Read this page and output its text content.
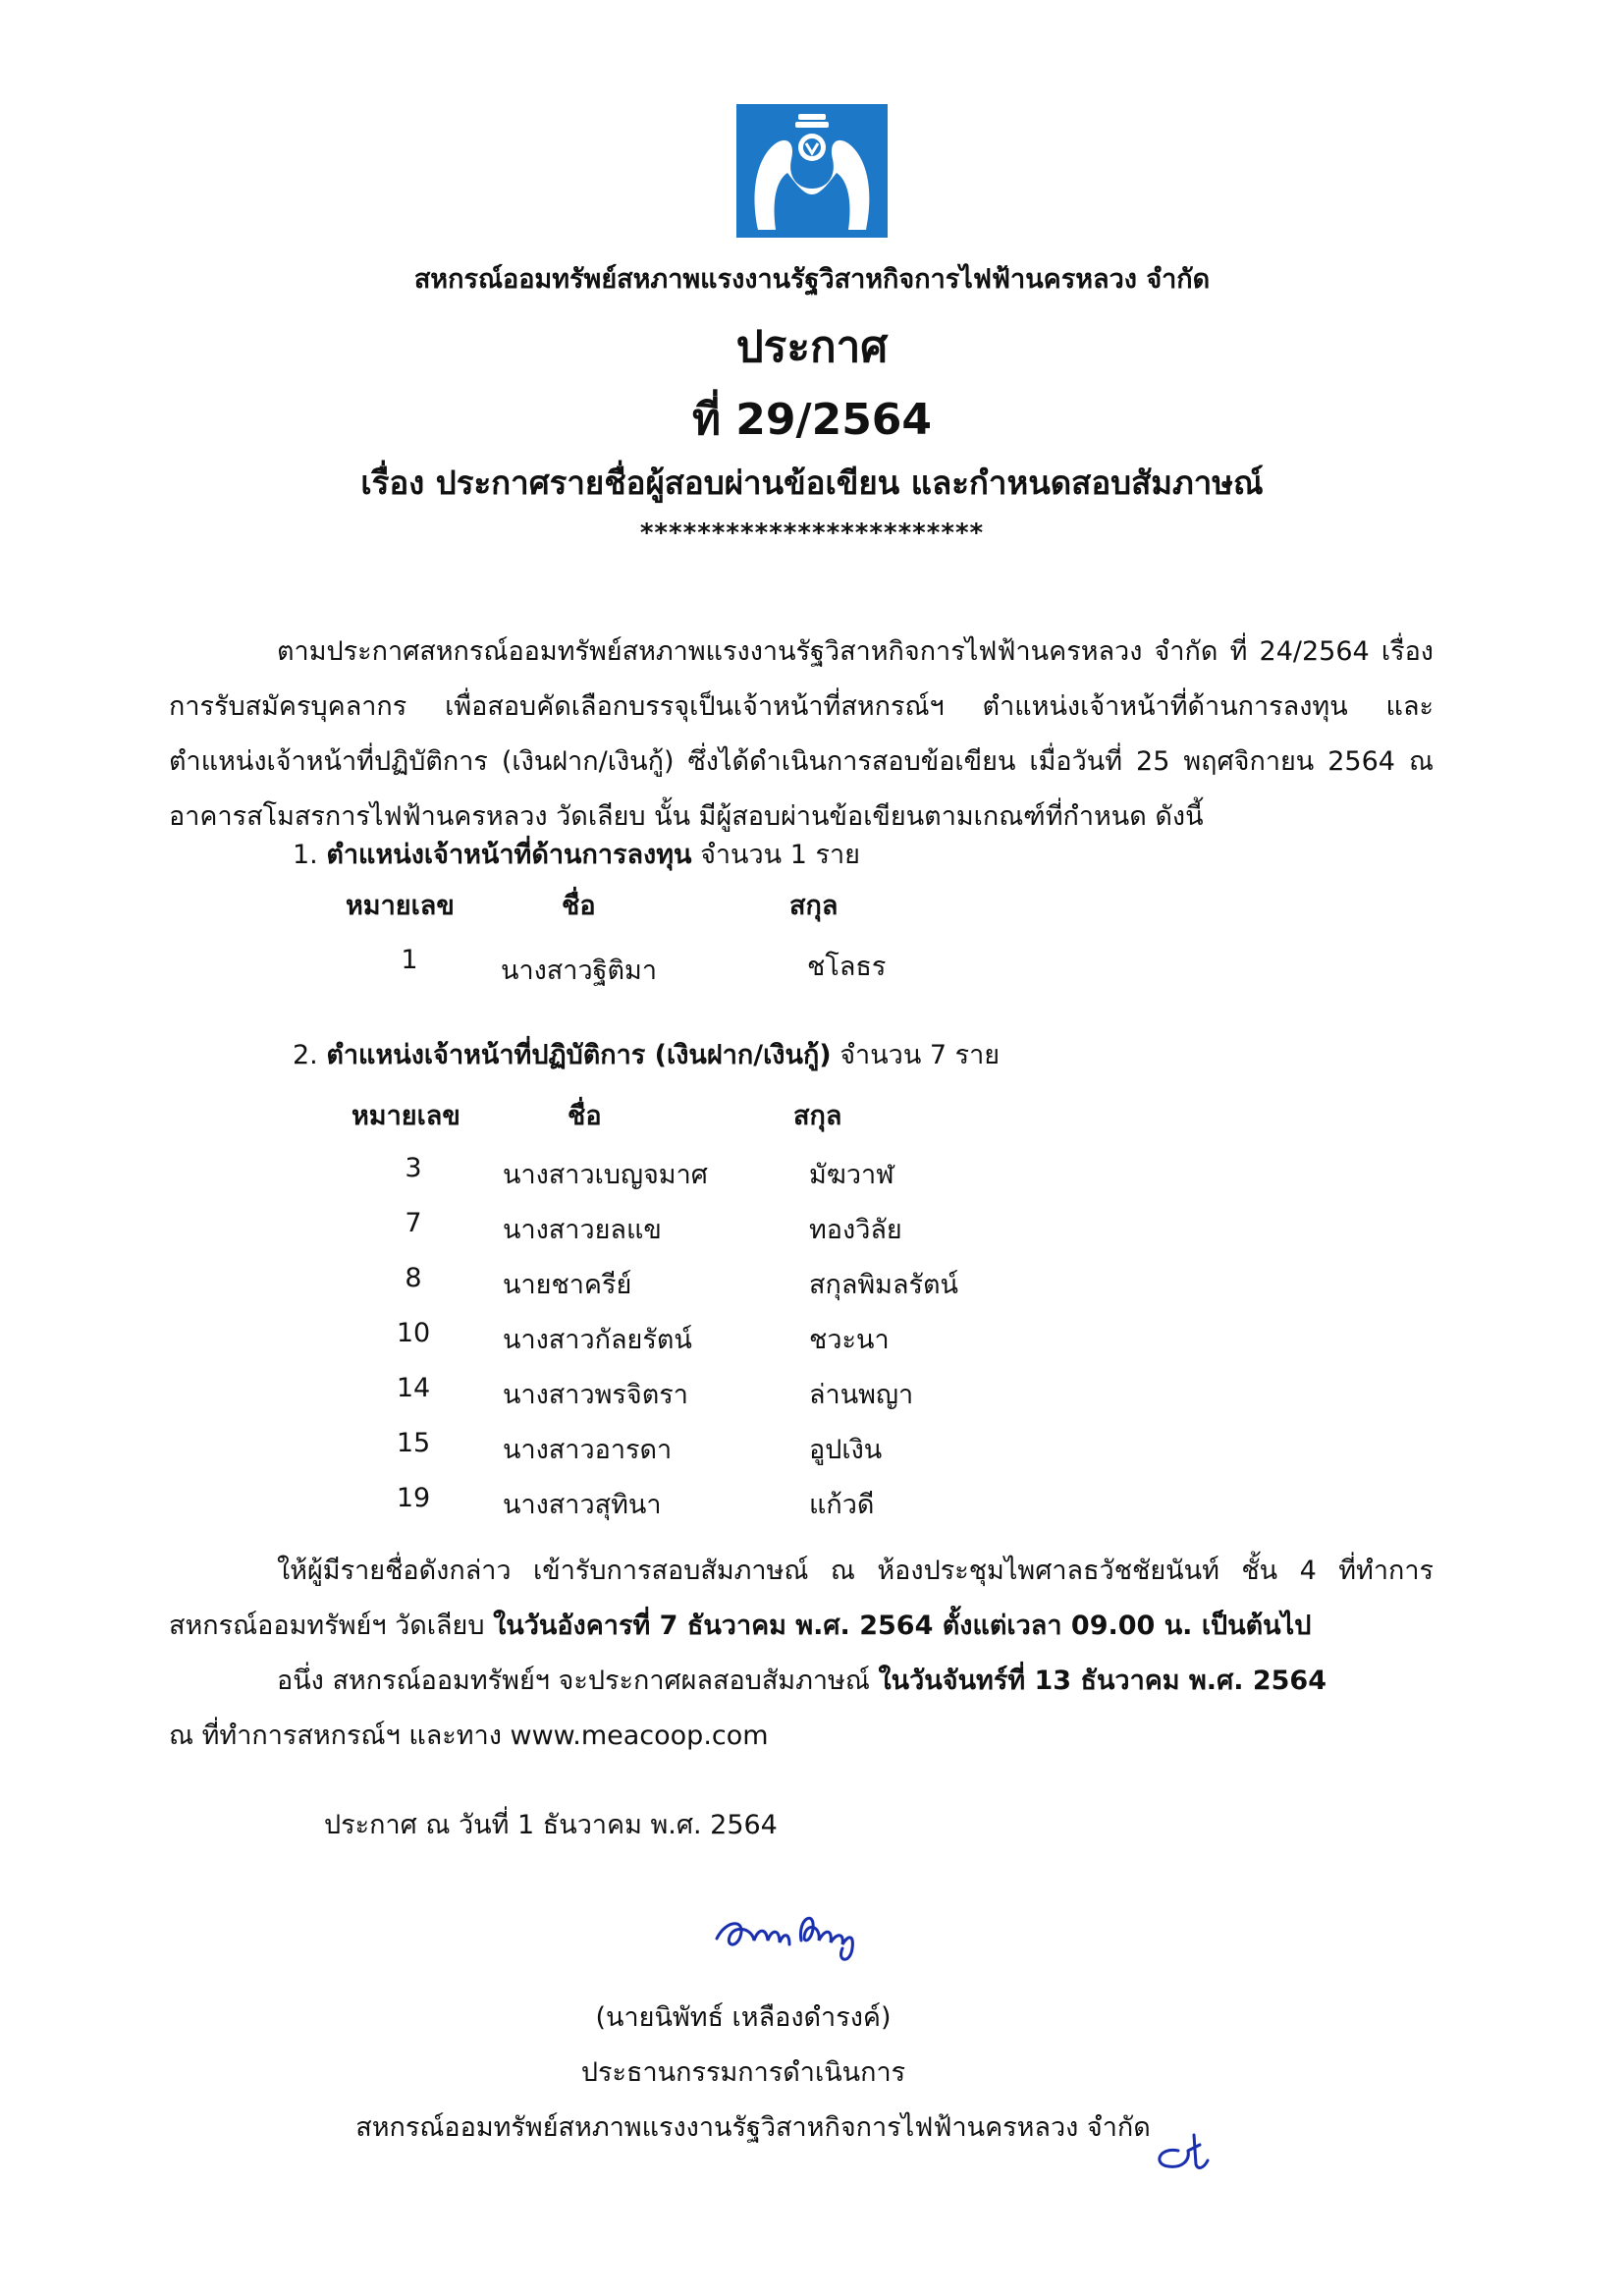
สหกรณ์ออมทรัพย์สหภาพแรงงานรัฐวิสาหกิจการไฟฟ้านครหลวง จำกัด
ประกาศ
ที่ 29/2564
เรื่อง ประกาศรายชื่อผู้สอบผ่านข้อเขียน และกำหนดสอบสัมภาษณ์
************************

ตามประกาศสหกรณ์ออมทรัพย์สหภาพแรงงานรัฐวิสาหกิจการไฟฟ้านครหลวง จำกัด ที่ 24/2564 เรื่อง การรับสมัครบุคลากร เพื่อสอบคัดเลือกบรรจุเป็นเจ้าหน้าที่สหกรณ์ฯ ตำแหน่งเจ้าหน้าที่ด้านการลงทุน และ ตำแหน่งเจ้าหน้าที่ปฏิบัติการ (เงินฝาก/เงินกู้) ซึ่งได้ดำเนินการสอบข้อเขียน เมื่อวันที่ 25 พฤศจิกายน 2564 ณ อาคารสโมสรการไฟฟ้านครหลวง วัดเลียบ นั้น มีผู้สอบผ่านข้อเขียนตามเกณฑ์ที่กำหนด ดังนี้

1. ตำแหน่งเจ้าหน้าที่ด้านการลงทุน จำนวน 1 ราย
หมายเลข	ชื่อ	สกุล
1	นางสาวฐิติมา	ชโลธร
2. ตำแหน่งเจ้าหน้าที่ปฏิบัติการ (เงินฝาก/เงินกู้) จำนวน 7 ราย
หมายเลข	ชื่อ	สกุล
3	นางสาวเบญจมาศ	มัฆวาฬ
7	นางสาวยลแข	ทองวิลัย
8	นายชาครีย์	สกุลพิมลรัตน์
10	นางสาวกัลยรัตน์	ชวะนา
14	นางสาวพรจิตรา	ล่านพญา
15	นางสาวอารดา	อูปเงิน
19	นางสาวสุทินา	แก้วดี

ให้ผู้มีรายชื่อดังกล่าว เข้ารับการสอบสัมภาษณ์ ณ ห้องประชุมไพศาลธวัชชัยนันท์ ชั้น 4 ที่ทำการสหกรณ์ออมทรัพย์ฯ วัดเลียบ ในวันอังคารที่ 7 ธันวาคม พ.ศ. 2564 ตั้งแต่เวลา 09.00 น. เป็นต้นไป

อนึ่ง สหกรณ์ออมทรัพย์ฯ จะประกาศผลสอบสัมภาษณ์ ในวันจันทร์ที่ 13 ธันวาคม พ.ศ. 2564

ณ ที่ทำการสหกรณ์ฯ และทาง www.meacoop.com

ประกาศ ณ วันที่ 1 ธันวาคม พ.ศ. 2564
(นายนิพัทธ์ เหลืองดำรงค์)
ประธานกรรมการดำเนินการ
สหกรณ์ออมทรัพย์สหภาพแรงงานรัฐวิสาหกิจการไฟฟ้านครหลวง จำกัด
